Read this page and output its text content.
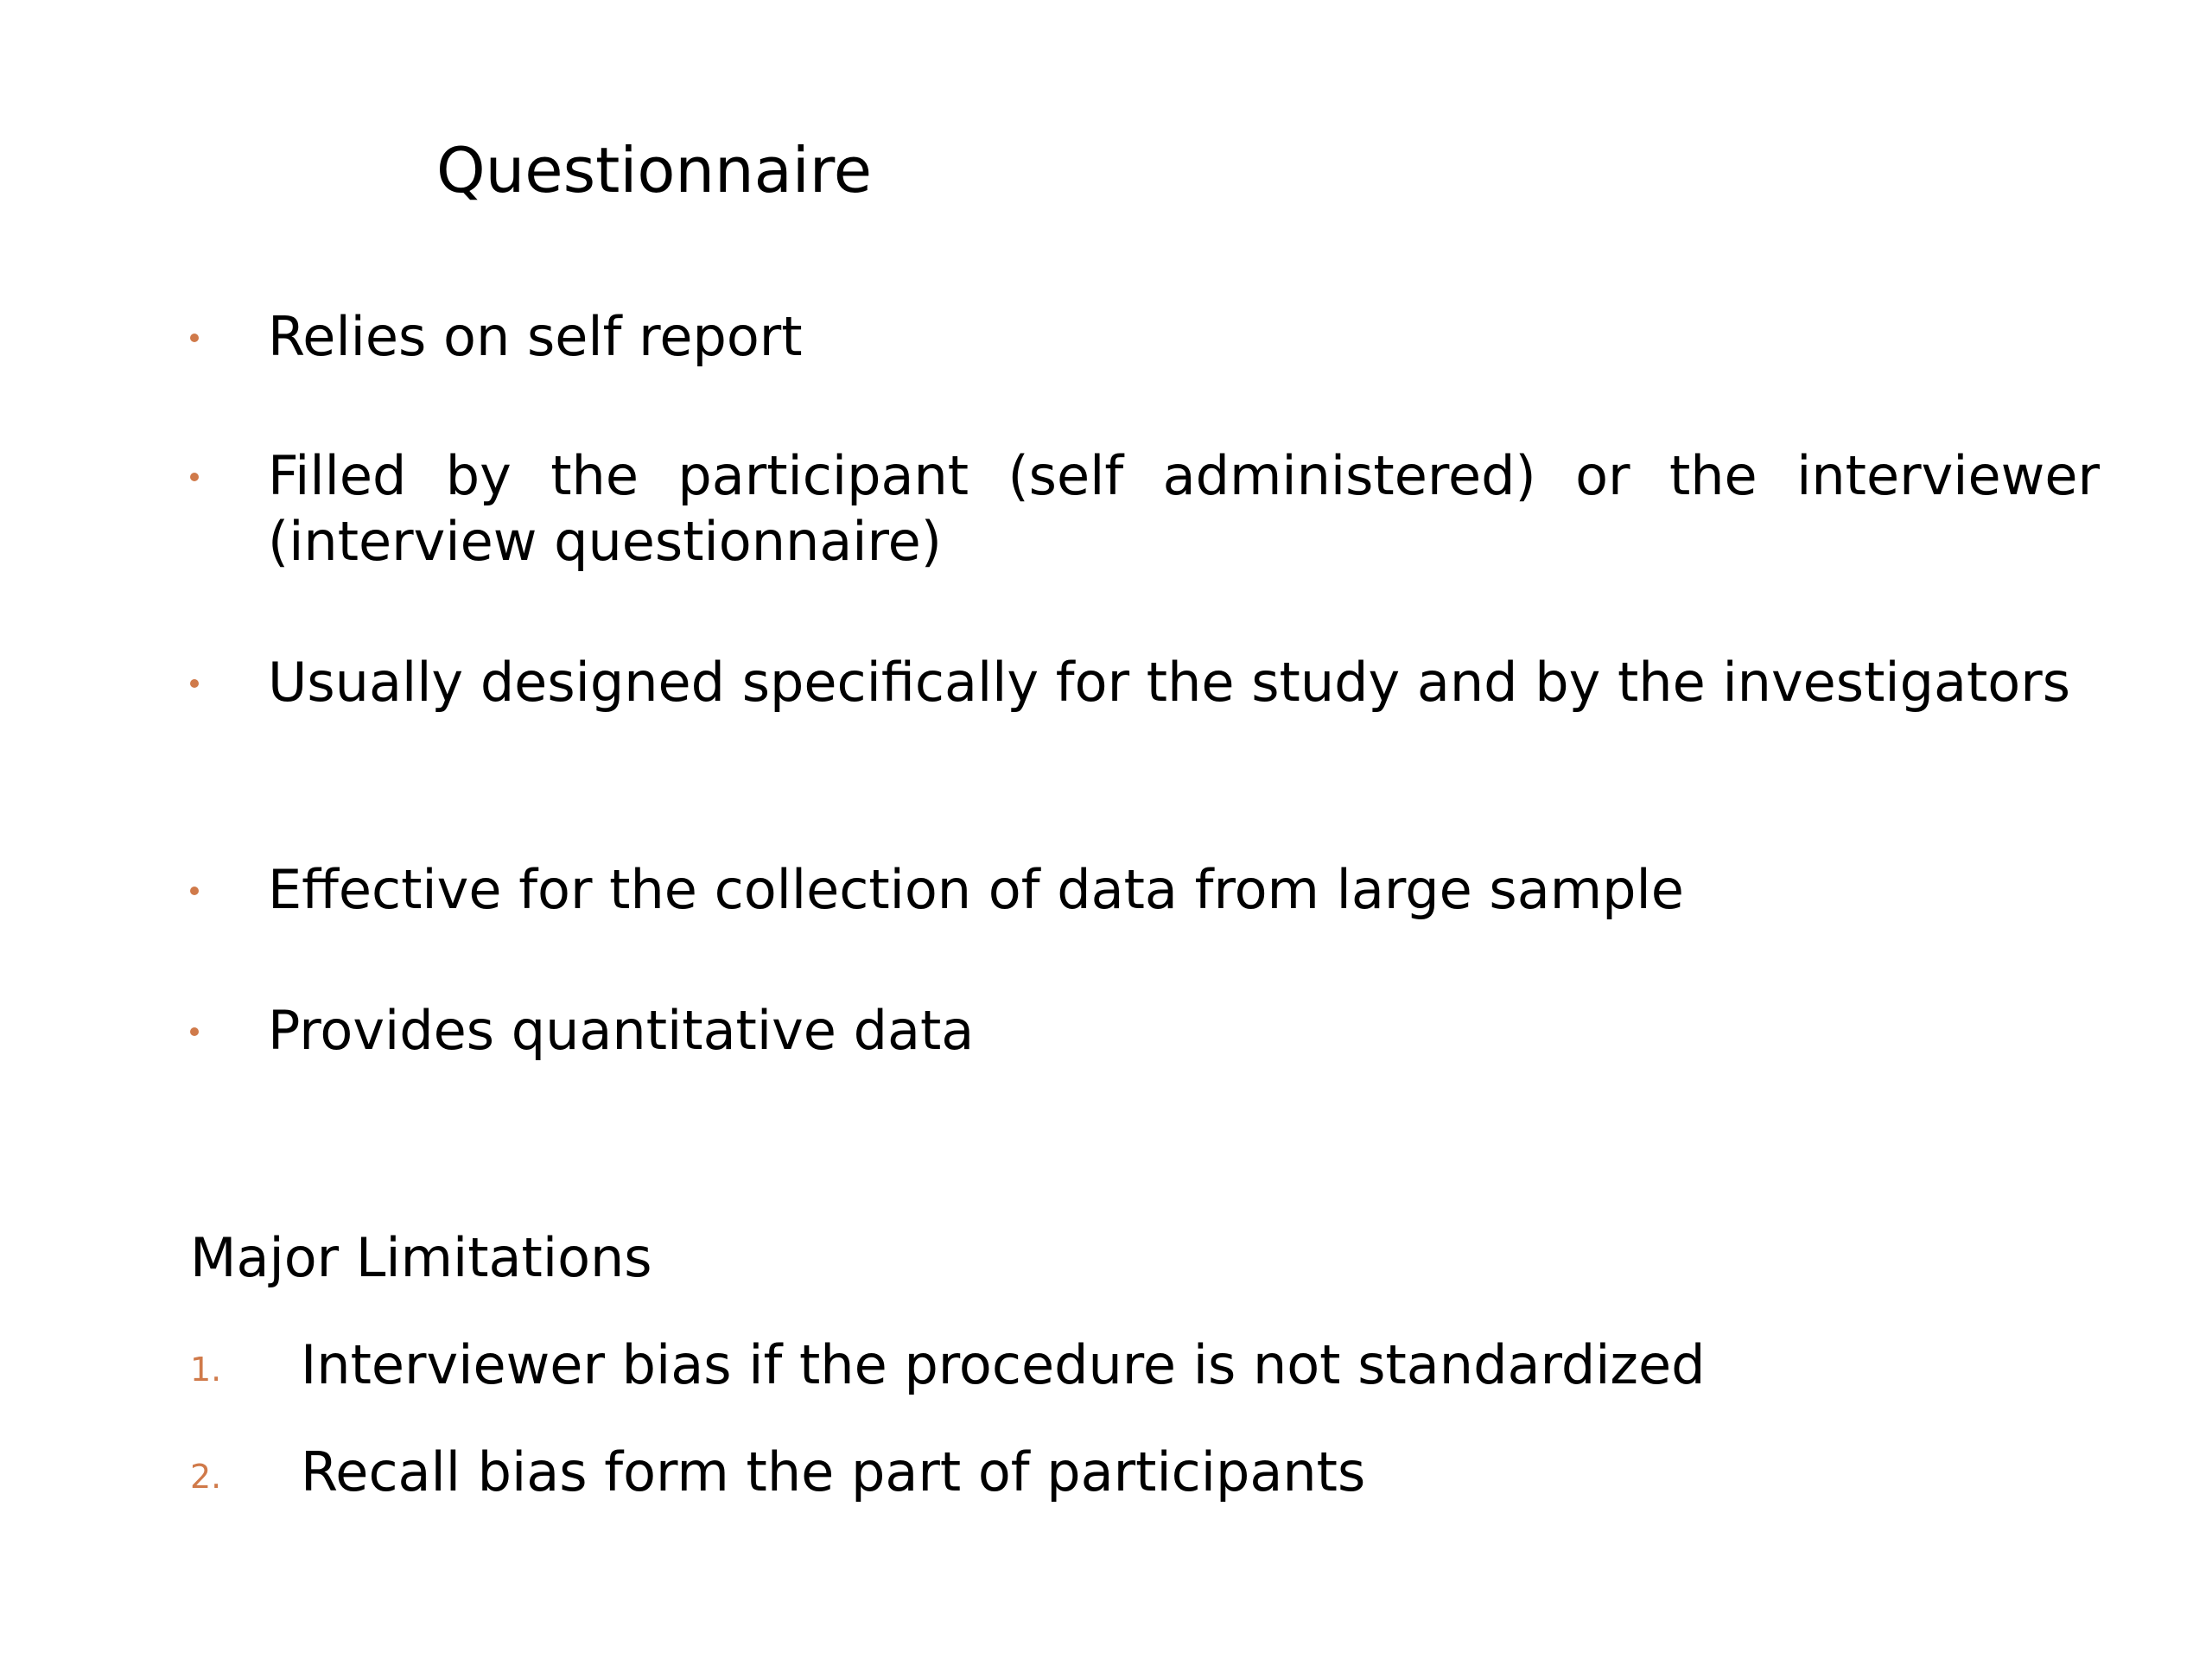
Questionnaire
Relies on self report
Filled by the participant (self administered) or the interviewer (interview questionnaire)
Usually designed specifically for the study and by the investigators
Effective for the collection of data from large sample
Provides quantitative data
Major Limitations
1. Interviewer bias if the procedure is not standardized
2. Recall bias form the part of participants
